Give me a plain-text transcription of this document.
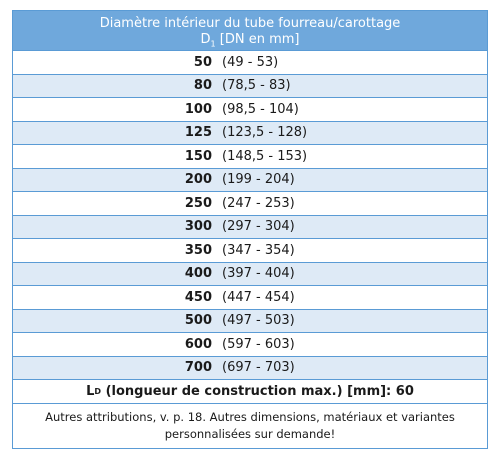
Diamètre intérieur du tube fourreau/carottage
$D_1$ [DN en mm]
50 (49 - 53)
80 (78,5 - 83)
100 (98,5 - 104)
125 (123,5 - 128)
150 (148,5 - 153)
200 (199 - 204)
250 (247 - 253)
300 (297 - 304)
350 (347 - 354)
400 (397 - 404)
450 (447 - 454)
500 (497 - 503)
600 (597 - 603)
700 (697 - 703)
L D
(longueur de construction max.) [mm]: 60
Autres attributions, v. p. 18. Autres dimensions, matériaux et variantes personnalisées sur demande!
